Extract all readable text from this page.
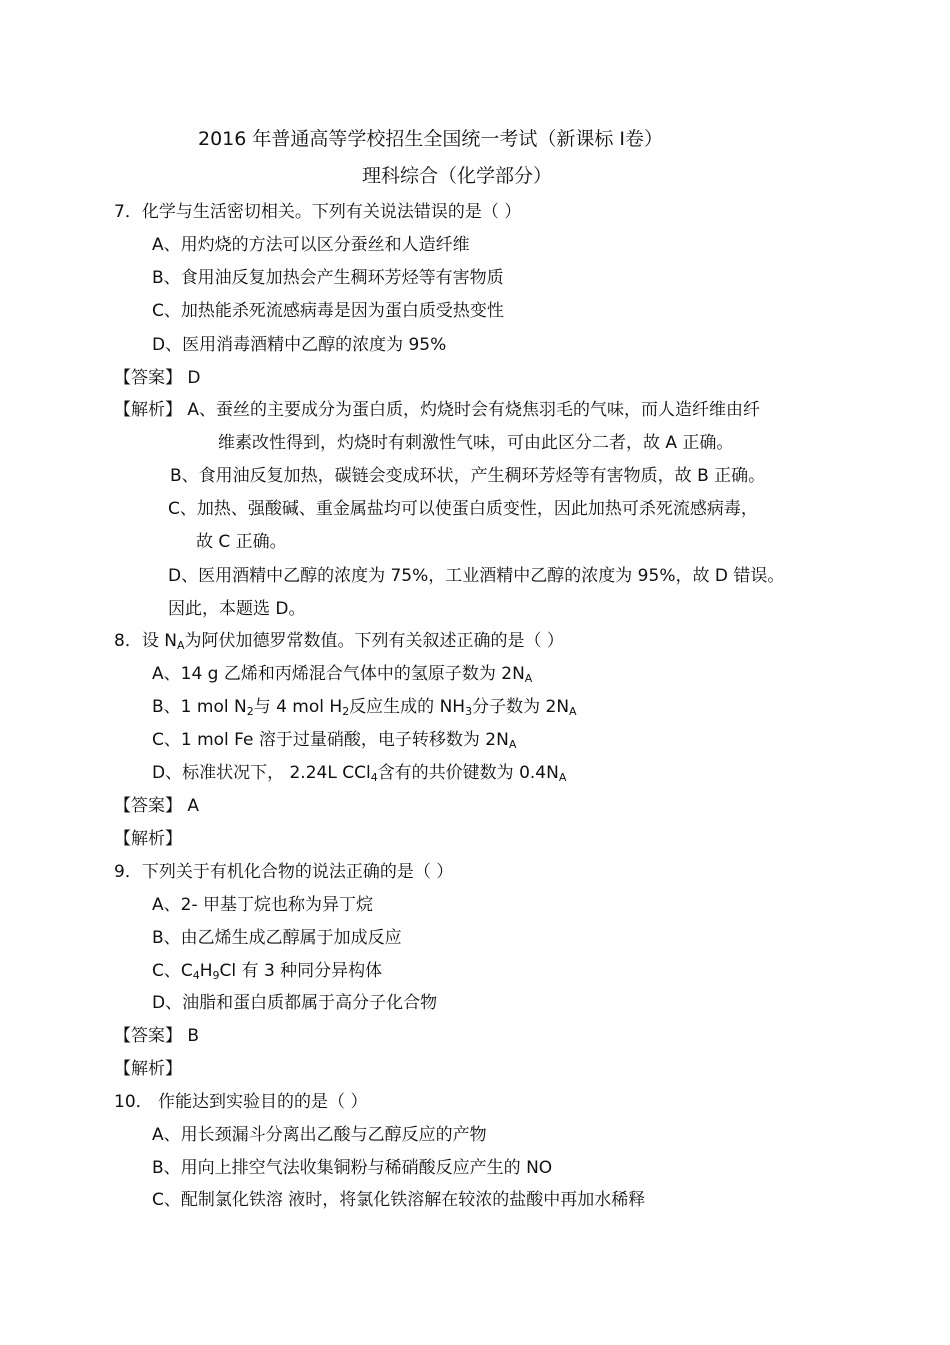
2016 年普通高等学校招生全国统一考试（新课标 Ⅰ卷）
理科综合（化学部分）
7．化学与生活密切相关。下列有关说法错误的是（ ）
A、用灼烧的方法可以区分蚕丝和人造纤维
B、食用油反复加热会产生稠环芳烃等有害物质
C、加热能杀死流感病毒是因为蛋白质受热变性
D、医用消毒酒精中乙醇的浓度为 95%
【答案】 D
【解析】 A、蚕丝的主要成分为蛋白质，灼烧时会有烧焦羽毛的气味，而人造纤维由纤
维素改性得到，灼烧时有刺激性气味，可由此区分二者，故 A 正确。
B、食用油反复加热，碳链会变成环状，产生稠环芳烃等有害物质，故 B 正确。
C、加热、强酸碱、重金属盐均可以使蛋白质变性，因此加热可杀死流感病毒，
故 C 正确。
D、医用酒精中乙醇的浓度为 75%，工业酒精中乙醇的浓度为 95%，故 D 错误。
因此，本题选 D。
8．设 $N_A$为阿伏加德罗常数值。下列有关叙述正确的是（ ）
A、14 g 乙烯和丙烯混合气体中的氢原子数为 $2N_A$
B、1 mol $N_2$与 4 mol $H_2$反应生成的 $NH_3$分子数为 $2N_A$
C、1 mol Fe 溶于过量硝酸，电子转移数为 $2N_A$
D、标准状况下， 2.24L CCl$_4$含有的共价键数为 $0.4N_A$
【答案】 A
【解析】
9．下列关于有机化合物的说法正确的是（ ）
A、2- 甲基丁烷也称为异丁烷
B、由乙烯生成乙醇属于加成反应
C、$C_4H_9Cl$ 有 3 种同分异构体
D、油脂和蛋白质都属于高分子化合物
【答案】 B
【解析】
10． 作能达到实验目的的是（ ）
A、用长颈漏斗分离出乙酸与乙醇反应的产物
B、用向上排空气法收集铜粉与稀硝酸反应产生的 NO
C、配制氯化铁溶 液时，将氯化铁溶解在较浓的盐酸中再加水稀释
